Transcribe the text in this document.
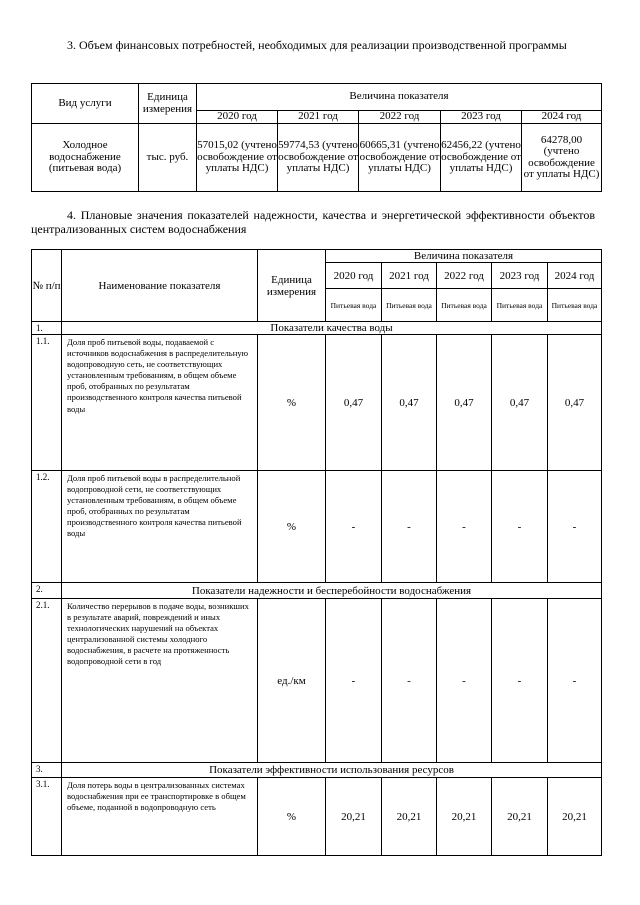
3. Объем финансовых потребностей, необходимых для реализации производственной программы
Вид услуги	Единица измерения	Величина показателя				
		2020 год	2021 год	2022 год	2023 год	2024 год
Холодное водоснабжение (питьевая вода)	тыс. руб.	57015,02 (учтено освобождение от уплаты НДС)	59774,53 (учтено освобождение от уплаты НДС)	60665,31 (учтено освобождение от уплаты НДС)	62456,22 (учтено освобождение от уплаты НДС)	64278,00 (учтено освобождение от уплаты НДС)
4. Плановые значения показателей надежности, качества и энергетической эффективности объектов централизованных систем водоснабжения
№ п/п	Наименование показателя	Единица измерения	Величина показателя				
			2020 год	2021 год	2022 год	2023 год	2024 год
			Питьевая вода	Питьевая вода	Питьевая вода	Питьевая вода	Питьевая вода
1.	Показатели качества воды						
1.1.	Доля проб питьевой воды, подаваемой с источников водоснабжения в распределительную водопроводную сеть, не соответствующих установленным требованиям, в общем объеме проб, отобранных по результатам производственного контроля качества питьевой воды	%	0,47	0,47	0,47	0,47	0,47
1.2.	Доля проб питьевой воды в распределительной водопроводной сети, не соответствующих установленным требованиям, в общем объеме проб, отобранных по результатам производственного контроля качества питьевой воды	%	-	-	-	-	-
2.	Показатели надежности и бесперебойности водоснабжения						
2.1.	Количество перерывов в подаче воды, возникших в результате аварий, повреждений и иных технологических нарушений на объектах централизованной системы холодного водоснабжения, в расчете на протяженность водопроводной сети в год	ед./км	-	-	-	-	-
3.	Показатели эффективности использования ресурсов						
3.1.	Доля потерь воды в централизованных системах водоснабжения при ее транспортировке в общем объеме, поданной в водопроводную сеть	%	20,21	20,21	20,21	20,21	20,21
